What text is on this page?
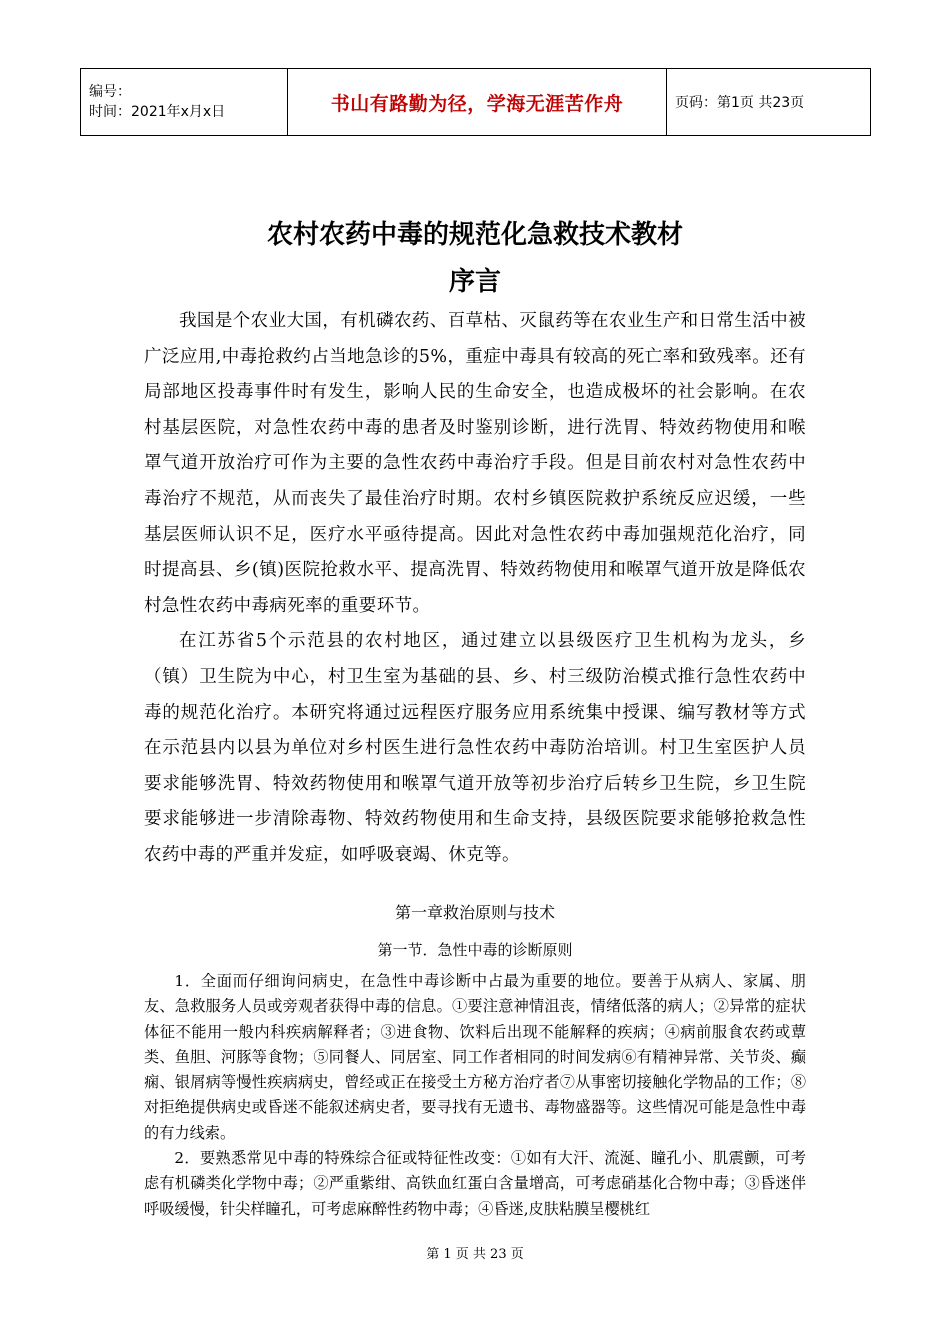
编号：
时间：2021年x月x日	书山有路勤为径，学海无涯苦作舟	页码：第1页 共23页
农村农药中毒的规范化急救技术教材
序言

我国是个农业大国，有机磷农药、百草枯、灭鼠药等在农业生产和日常生活中被广泛应用,中毒抢救约占当地急诊的5%，重症中毒具有较高的死亡率和致残率。还有局部地区投毒事件时有发生，影响人民的生命安全，也造成极坏的社会影响。在农村基层医院，对急性农药中毒的患者及时鉴别诊断，进行洗胃、特效药物使用和喉罩气道开放治疗可作为主要的急性农药中毒治疗手段。但是目前农村对急性农药中毒治疗不规范，从而丧失了最佳治疗时期。农村乡镇医院救护系统反应迟缓，一些基层医师认识不足，医疗水平亟待提高。因此对急性农药中毒加强规范化治疗，同时提高县、乡(镇)医院抢救水平、提高洗胃、特效药物使用和喉罩气道开放是降低农村急性农药中毒病死率的重要环节。

在江苏省5个示范县的农村地区，通过建立以县级医疗卫生机构为龙头，乡（镇）卫生院为中心，村卫生室为基础的县、乡、村三级防治模式推行急性农药中毒的规范化治疗。本研究将通过远程医疗服务应用系统集中授课、编写教材等方式在示范县内以县为单位对乡村医生进行急性农药中毒防治培训。村卫生室医护人员要求能够洗胃、特效药物使用和喉罩气道开放等初步治疗后转乡卫生院，乡卫生院要求能够进一步清除毒物、特效药物使用和生命支持，县级医院要求能够抢救急性农药中毒的严重并发症，如呼吸衰竭、休克等。

第一章救治原则与技术
第一节．急性中毒的诊断原则

1．全面而仔细询问病史，在急性中毒诊断中占最为重要的地位。要善于从病人、家属、朋友、急救服务人员或旁观者获得中毒的信息。①要注意神情沮丧，情绪低落的病人；②异常的症状体征不能用一般内科疾病解释者；③进食物、饮料后出现不能解释的疾病；④病前服食农药或蕈类、鱼胆、河豚等食物；⑤同餐人、同居室、同工作者相同的时间发病⑥有精神异常、关节炎、癫痫、银屑病等慢性疾病病史，曾经或正在接受土方秘方治疗者⑦从事密切接触化学物品的工作；⑧对拒绝提供病史或昏迷不能叙述病史者，要寻找有无遗书、毒物盛器等。这些情况可能是急性中毒的有力线索。

2．要熟悉常见中毒的特殊综合征或特征性改变：①如有大汗、流涎、瞳孔小、肌震颤，可考虑有机磷类化学物中毒；②严重紫绀、高铁血红蛋白含量增高，可考虑硝基化合物中毒；③昏迷伴呼吸缓慢，针尖样瞳孔，可考虑麻醉性药物中毒；④昏迷,皮肤粘膜呈樱桃红

第 1 页 共 23 页
